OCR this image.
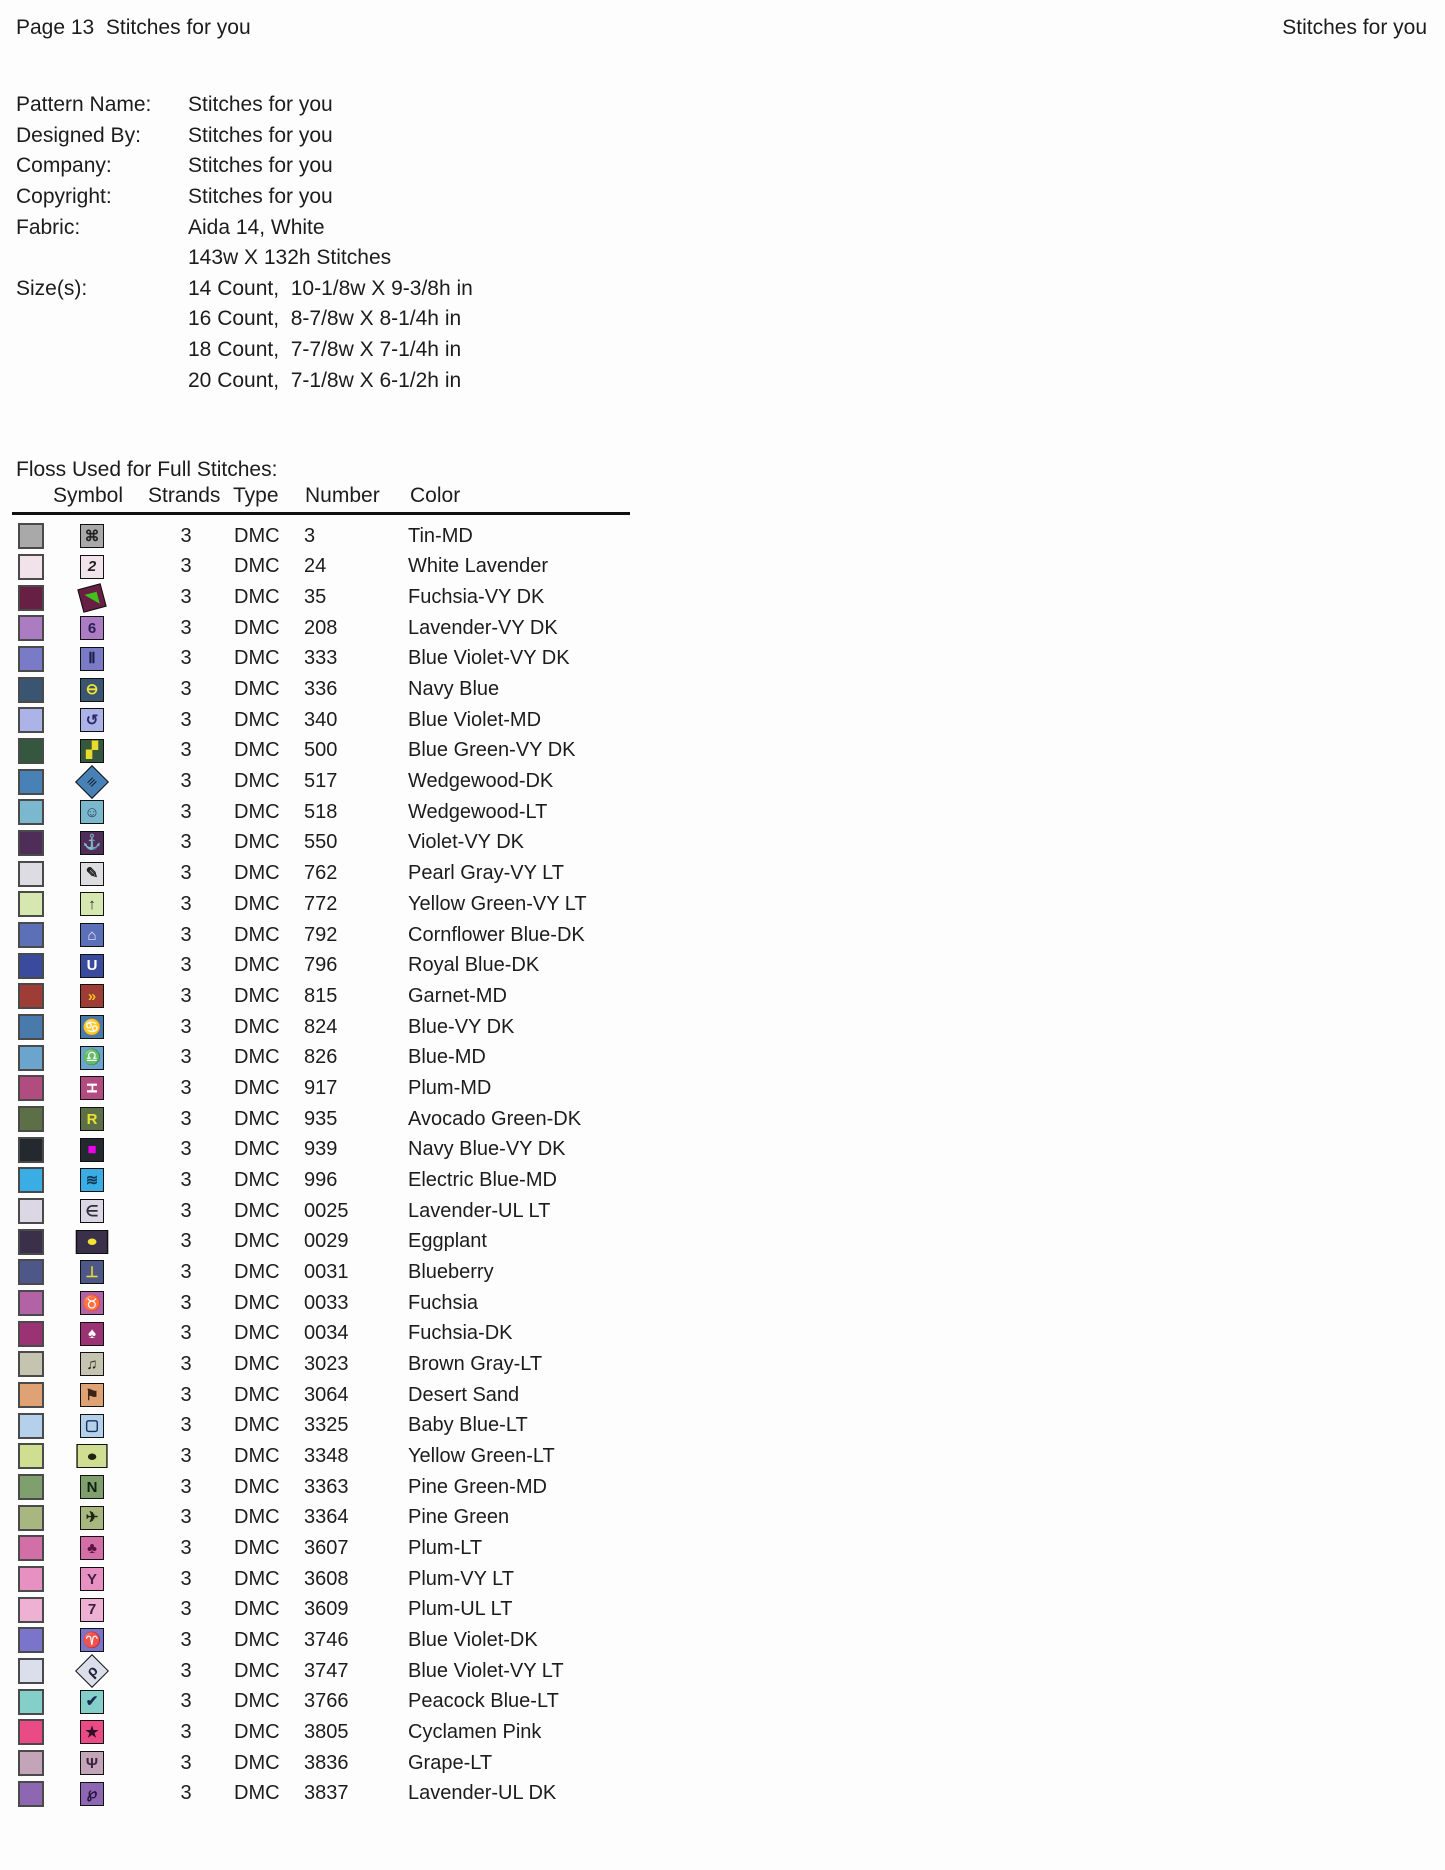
Page 13  Stitches for you	Stitches for you
Pattern Name:	Stitches for you
Designed By:	Stitches for you
Company:	Stitches for you
Copyright:	Stitches for you
Fabric:	Aida 14, White
143w X 132h Stitches
Size(s):	14 Count,  10-1/8w X 9-3/8h in
16 Count,  8-7/8w X 8-1/4h in
18 Count,  7-7/8w X 7-1/4h in
20 Count,  7-1/8w X 6-1/2h in
Floss Used for Full Stitches:
Symbol Strands Type Number Color
⌘	3	DMC	3	Tin-MD
2	3	DMC	24	White Lavender
◥	3	DMC	35	Fuchsia-VY DK
6	3	DMC	208	Lavender-VY DK
Ⅱ	3	DMC	333	Blue Violet-VY DK
⊖	3	DMC	336	Navy Blue
↺	3	DMC	340	Blue Violet-MD
▞	3	DMC	500	Blue Green-VY DK
≡	3	DMC	517	Wedgewood-DK
☺	3	DMC	518	Wedgewood-LT
⚓	3	DMC	550	Violet-VY DK
✎	3	DMC	762	Pearl Gray-VY LT
↑	3	DMC	772	Yellow Green-VY LT
⌂	3	DMC	792	Cornflower Blue-DK
U	3	DMC	796	Royal Blue-DK
»	3	DMC	815	Garnet-MD
♋	3	DMC	824	Blue-VY DK
♎	3	DMC	826	Blue-MD
H	3	DMC	917	Plum-MD
R	3	DMC	935	Avocado Green-DK
■	3	DMC	939	Navy Blue-VY DK
≋	3	DMC	996	Electric Blue-MD
∈	3	DMC	0025	Lavender-UL LT
●	3	DMC	0029	Eggplant
⊥	3	DMC	0031	Blueberry
♉	3	DMC	0033	Fuchsia
♠	3	DMC	0034	Fuchsia-DK
♫	3	DMC	3023	Brown Gray-LT
⚑	3	DMC	3064	Desert Sand
▢	3	DMC	3325	Baby Blue-LT
●	3	DMC	3348	Yellow Green-LT
N	3	DMC	3363	Pine Green-MD
✈	3	DMC	3364	Pine Green
♣	3	DMC	3607	Plum-LT
Y	3	DMC	3608	Plum-VY LT
7	3	DMC	3609	Plum-UL LT
♈	3	DMC	3746	Blue Violet-DK
ρ	3	DMC	3747	Blue Violet-VY LT
✔	3	DMC	3766	Peacock Blue-LT
★	3	DMC	3805	Cyclamen Pink
Ψ	3	DMC	3836	Grape-LT
℘	3	DMC	3837	Lavender-UL DK
